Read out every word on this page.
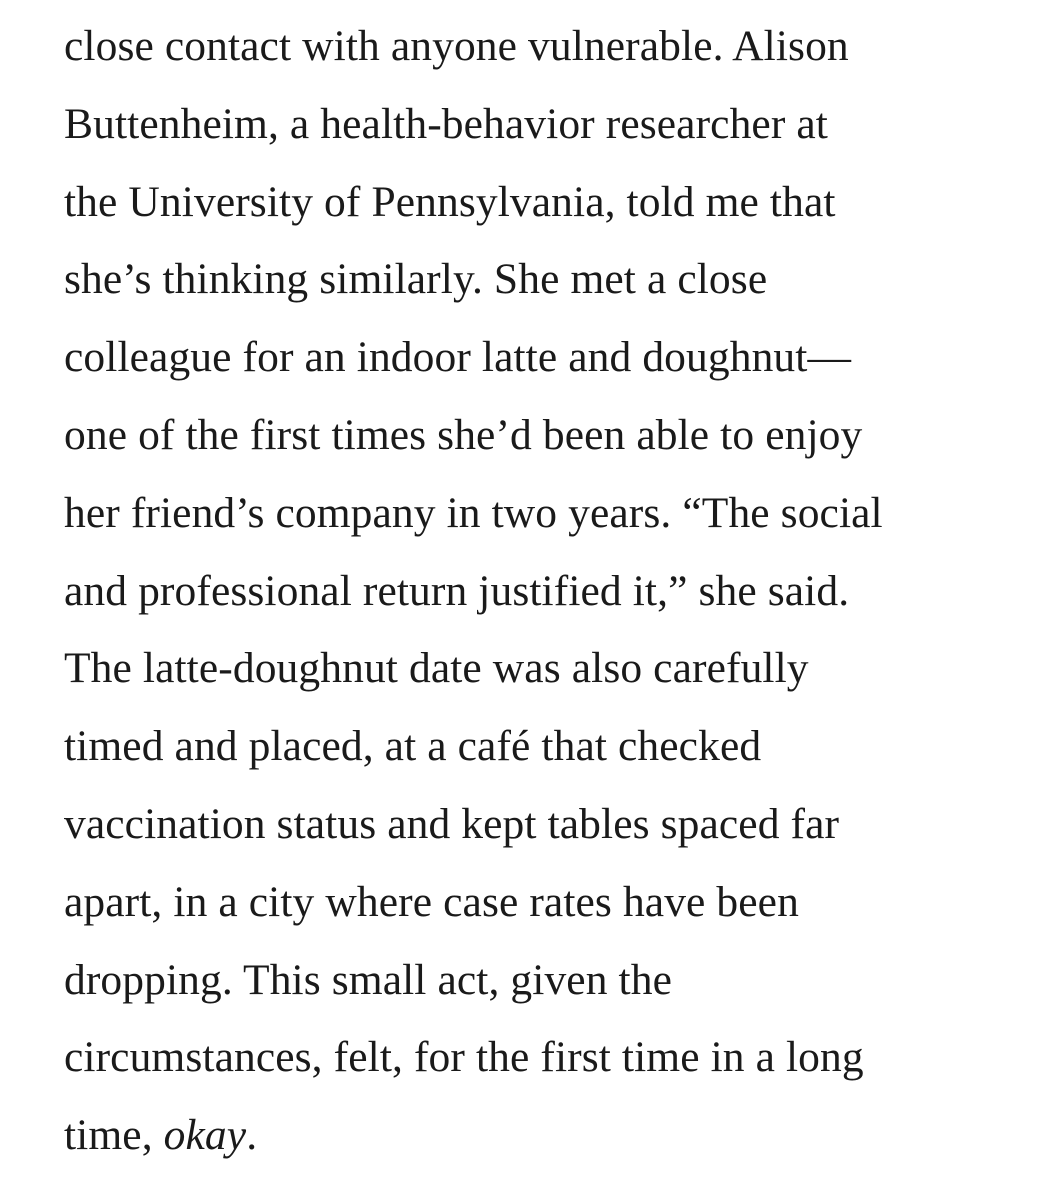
close contact with anyone vulnerable. Alison
Buttenheim, a health-behavior researcher at
the University of Pennsylvania, told me that
she’s thinking similarly. She met a close
colleague for an indoor latte and doughnut—
one of the first times she’d been able to enjoy
her friend’s company in two years. “The social
and professional return justified it,” she said.
The latte-doughnut date was also carefully
timed and placed, at a café that checked
vaccination status and kept tables spaced far
apart, in a city where case rates have been
dropping. This small act, given the
circumstances, felt, for the first time in a long
time, okay.
